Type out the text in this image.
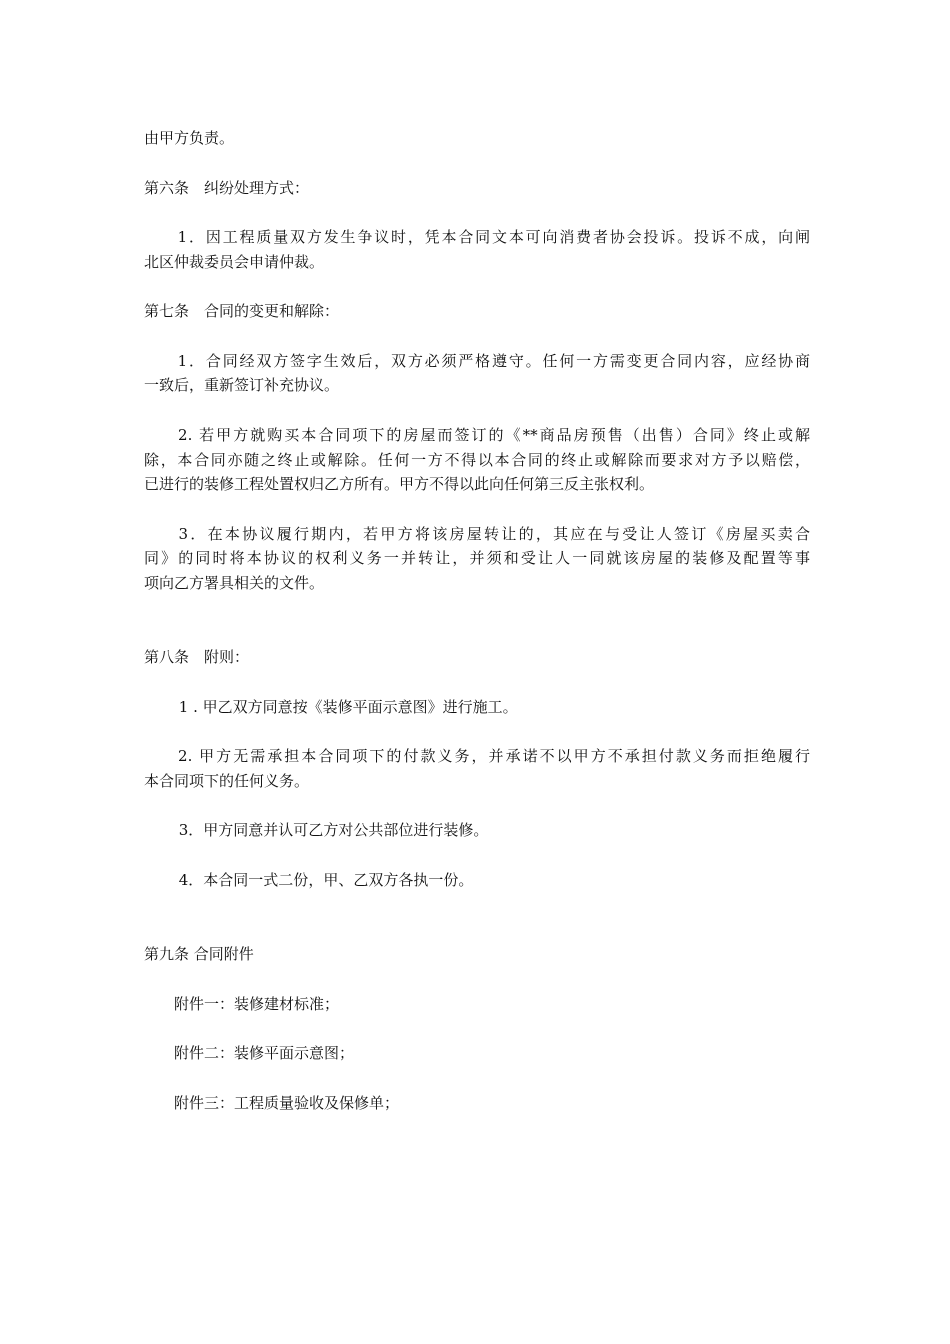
由甲方负责。
第六条　纠纷处理方式：
　　1．因工程质量双方发生争议时，凭本合同文本可向消费者协会投诉。投诉不成，向闸
北区仲裁委员会申请仲裁。
第七条　合同的变更和解除：
　　1．合同经双方签字生效后，双方必须严格遵守。任何一方需变更合同内容，应经协商
一致后，重新签订补充协议。
　　2. 若甲方就购买本合同项下的房屋而签订的《**商品房预售（出售）合同》终止或解
除，本合同亦随之终止或解除。任何一方不得以本合同的终止或解除而要求对方予以赔偿，
已进行的装修工程处置权归乙方所有。甲方不得以此向任何第三反主张权利。
　　3．在本协议履行期内，若甲方将该房屋转让的，其应在与受让人签订《房屋买卖合
同》的同时将本协议的权利义务一并转让，并须和受让人一同就该房屋的装修及配置等事
项向乙方署具相关的文件。
第八条　附则：
　　 1 . 甲乙双方同意按《装修平面示意图》进行施工。
　　2. 甲方无需承担本合同项下的付款义务，并承诺不以甲方不承担付款义务而拒绝履行
本合同项下的任何义务。
　　 3．甲方同意并认可乙方对公共部位进行装修。
　　 4．本合同一式二份，甲、乙双方各执一份。
第九条 合同附件
　　附件一：装修建材标准；
　　附件二：装修平面示意图；
　　附件三：工程质量验收及保修单；
